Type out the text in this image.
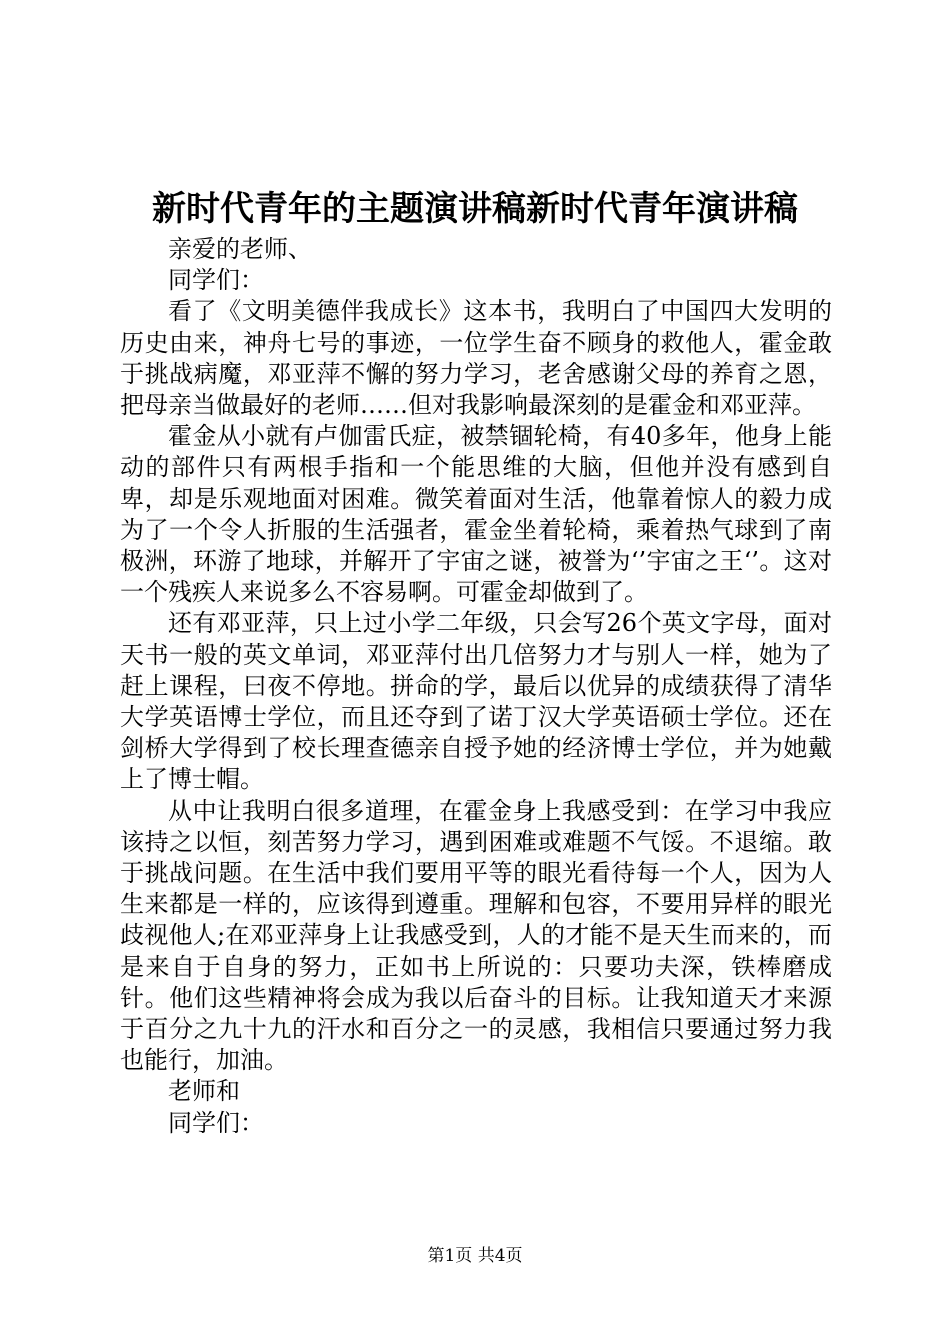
新时代青年的主题演讲稿新时代青年演讲稿

亲爱的老师、

同学们：

看了《文明美德伴我成长》这本书，我明白了中国四大发明的历史由来，神舟七号的事迹，一位学生奋不顾身的救他人，霍金敢于挑战病魔，邓亚萍不懈的努力学习，老舍感谢父母的养育之恩，把母亲当做最好的老师……但对我影响最深刻的是霍金和邓亚萍。

霍金从小就有卢伽雷氏症，被禁锢轮椅，有40多年，他身上能动的部件只有两根手指和一个能思维的大脑，但他并没有感到自卑，却是乐观地面对困难。微笑着面对生活，他靠着惊人的毅力成为了一个令人折服的生活强者，霍金坐着轮椅，乘着热气球到了南极洲，环游了地球，并解开了宇宙之谜，被誉为‘’宇宙之王‘’。这对一个残疾人来说多么不容易啊。可霍金却做到了。

还有邓亚萍，只上过小学二年级，只会写26个英文字母，面对天书一般的英文单词，邓亚萍付出几倍努力才与别人一样，她为了赶上课程，曰夜不停地。拼命的学，最后以优异的成绩获得了清华大学英语博士学位，而且还夺到了诺丁汉大学英语硕士学位。还在剑桥大学得到了校长理查德亲自授予她的经济博士学位，并为她戴上了博士帽。

从中让我明白很多道理，在霍金身上我感受到：在学习中我应该持之以恒，刻苦努力学习，遇到困难或难题不气馁。不退缩。敢于挑战问题。在生活中我们要用平等的眼光看待每一个人，因为人生来都是一样的，应该得到遵重。理解和包容，不要用异样的眼光歧视他人;在邓亚萍身上让我感受到，人的才能不是天生而来的，而是来自于自身的努力，正如书上所说的：只要功夫深，铁棒磨成针。他们这些精神将会成为我以后奋斗的目标。让我知道天才来源于百分之九十九的汗水和百分之一的灵感，我相信只要通过努力我也能行，加油。

老师和

同学们：

第1页 共4页
